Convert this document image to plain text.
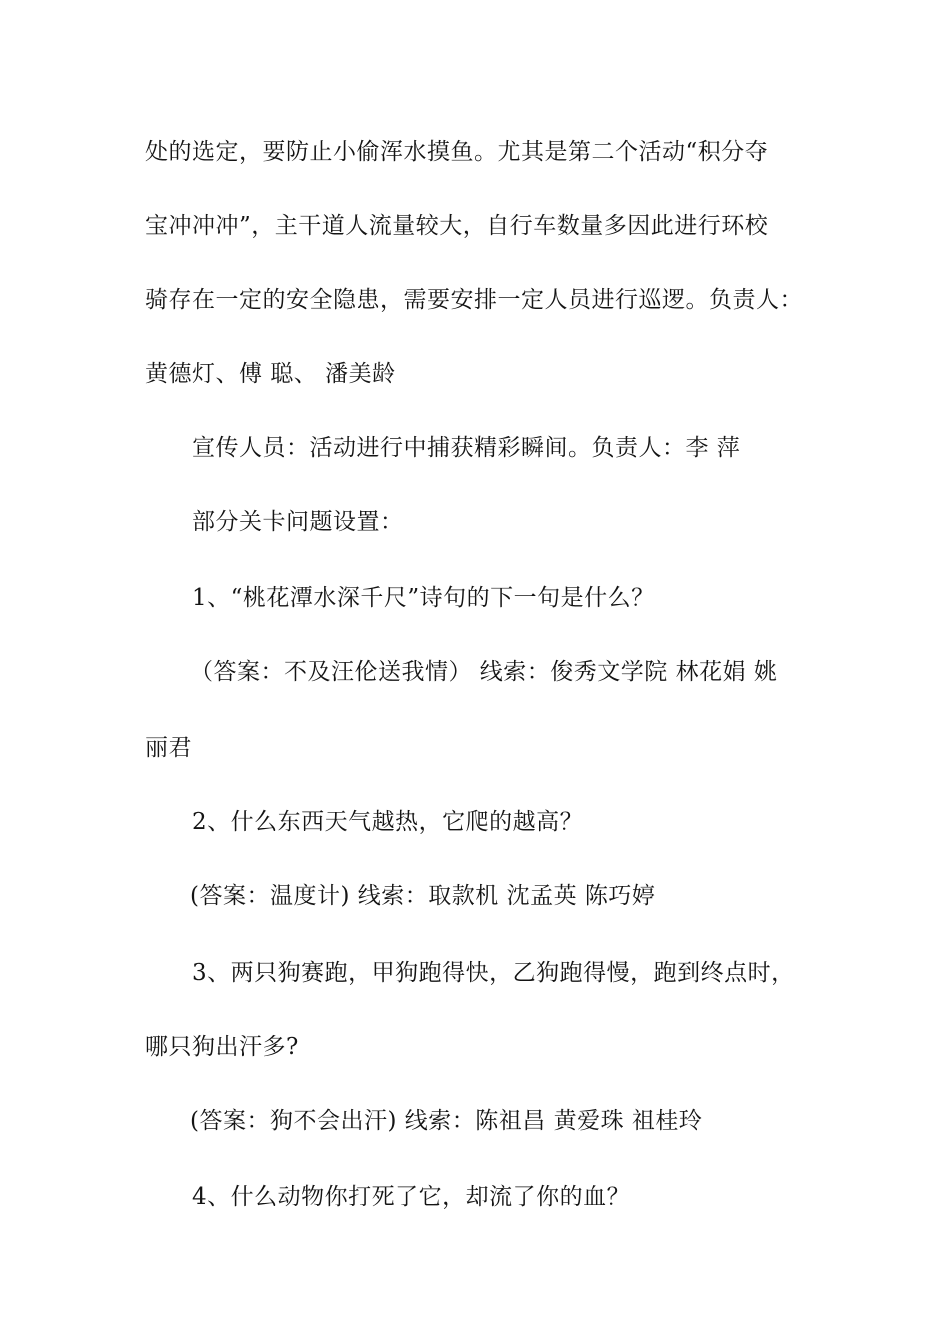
处的选定，要防止小偷浑水摸鱼。尤其是第二个活动“积分夺
宝冲冲冲”，主干道人流量较大，自行车数量多因此进行环校
骑存在一定的安全隐患，需要安排一定人员进行巡逻。负责人：
黄德灯、傅 聪、 潘美龄
宣传人员：活动进行中捕获精彩瞬间。负责人：李 萍
部分关卡问题设置：
1、“桃花潭水深千尺”诗句的下一句是什么？
（答案：不及汪伦送我情） 线索：俊秀文学院 林花娟 姚
丽君
2、什么东西天气越热，它爬的越高？
(答案：温度计) 线索：取款机 沈孟英 陈巧婷
3、两只狗赛跑，甲狗跑得快，乙狗跑得慢，跑到终点时，
哪只狗出汗多?
(答案：狗不会出汗) 线索：陈祖昌 黄爱珠 祖桂玲
4、什么动物你打死了它，却流了你的血？
